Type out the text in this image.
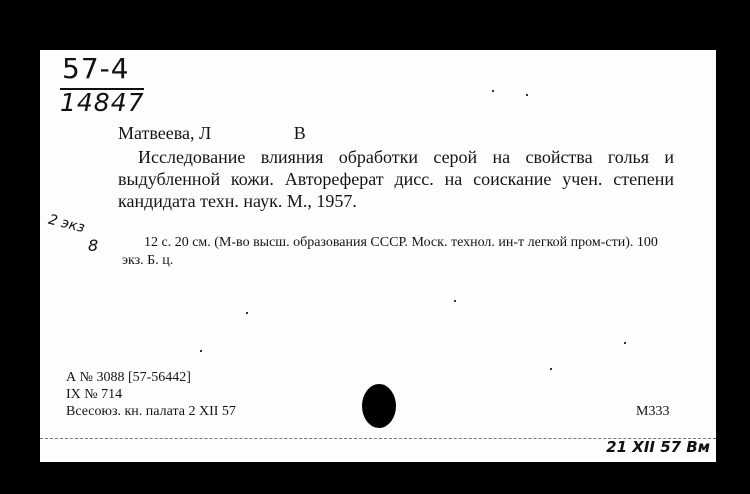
57-4
14847
Матвеева, Л	В
Исследование влияния обработки серой на свойства голья и выдубленной кожи. Автореферат дисс. на соискание учен. степени кандидата техн. наук. М., 1957.
2 экз
8	12 с. 20 см. (М-во высш. образования СССР. Моск. технол. ин-т легкой пром-сти). 100 экз. Б. ц.
А № 3088 [57-56442]
IX № 714
Всесоюз. кн. палата 2 XII 57	М333
21 XII 57 Вм
